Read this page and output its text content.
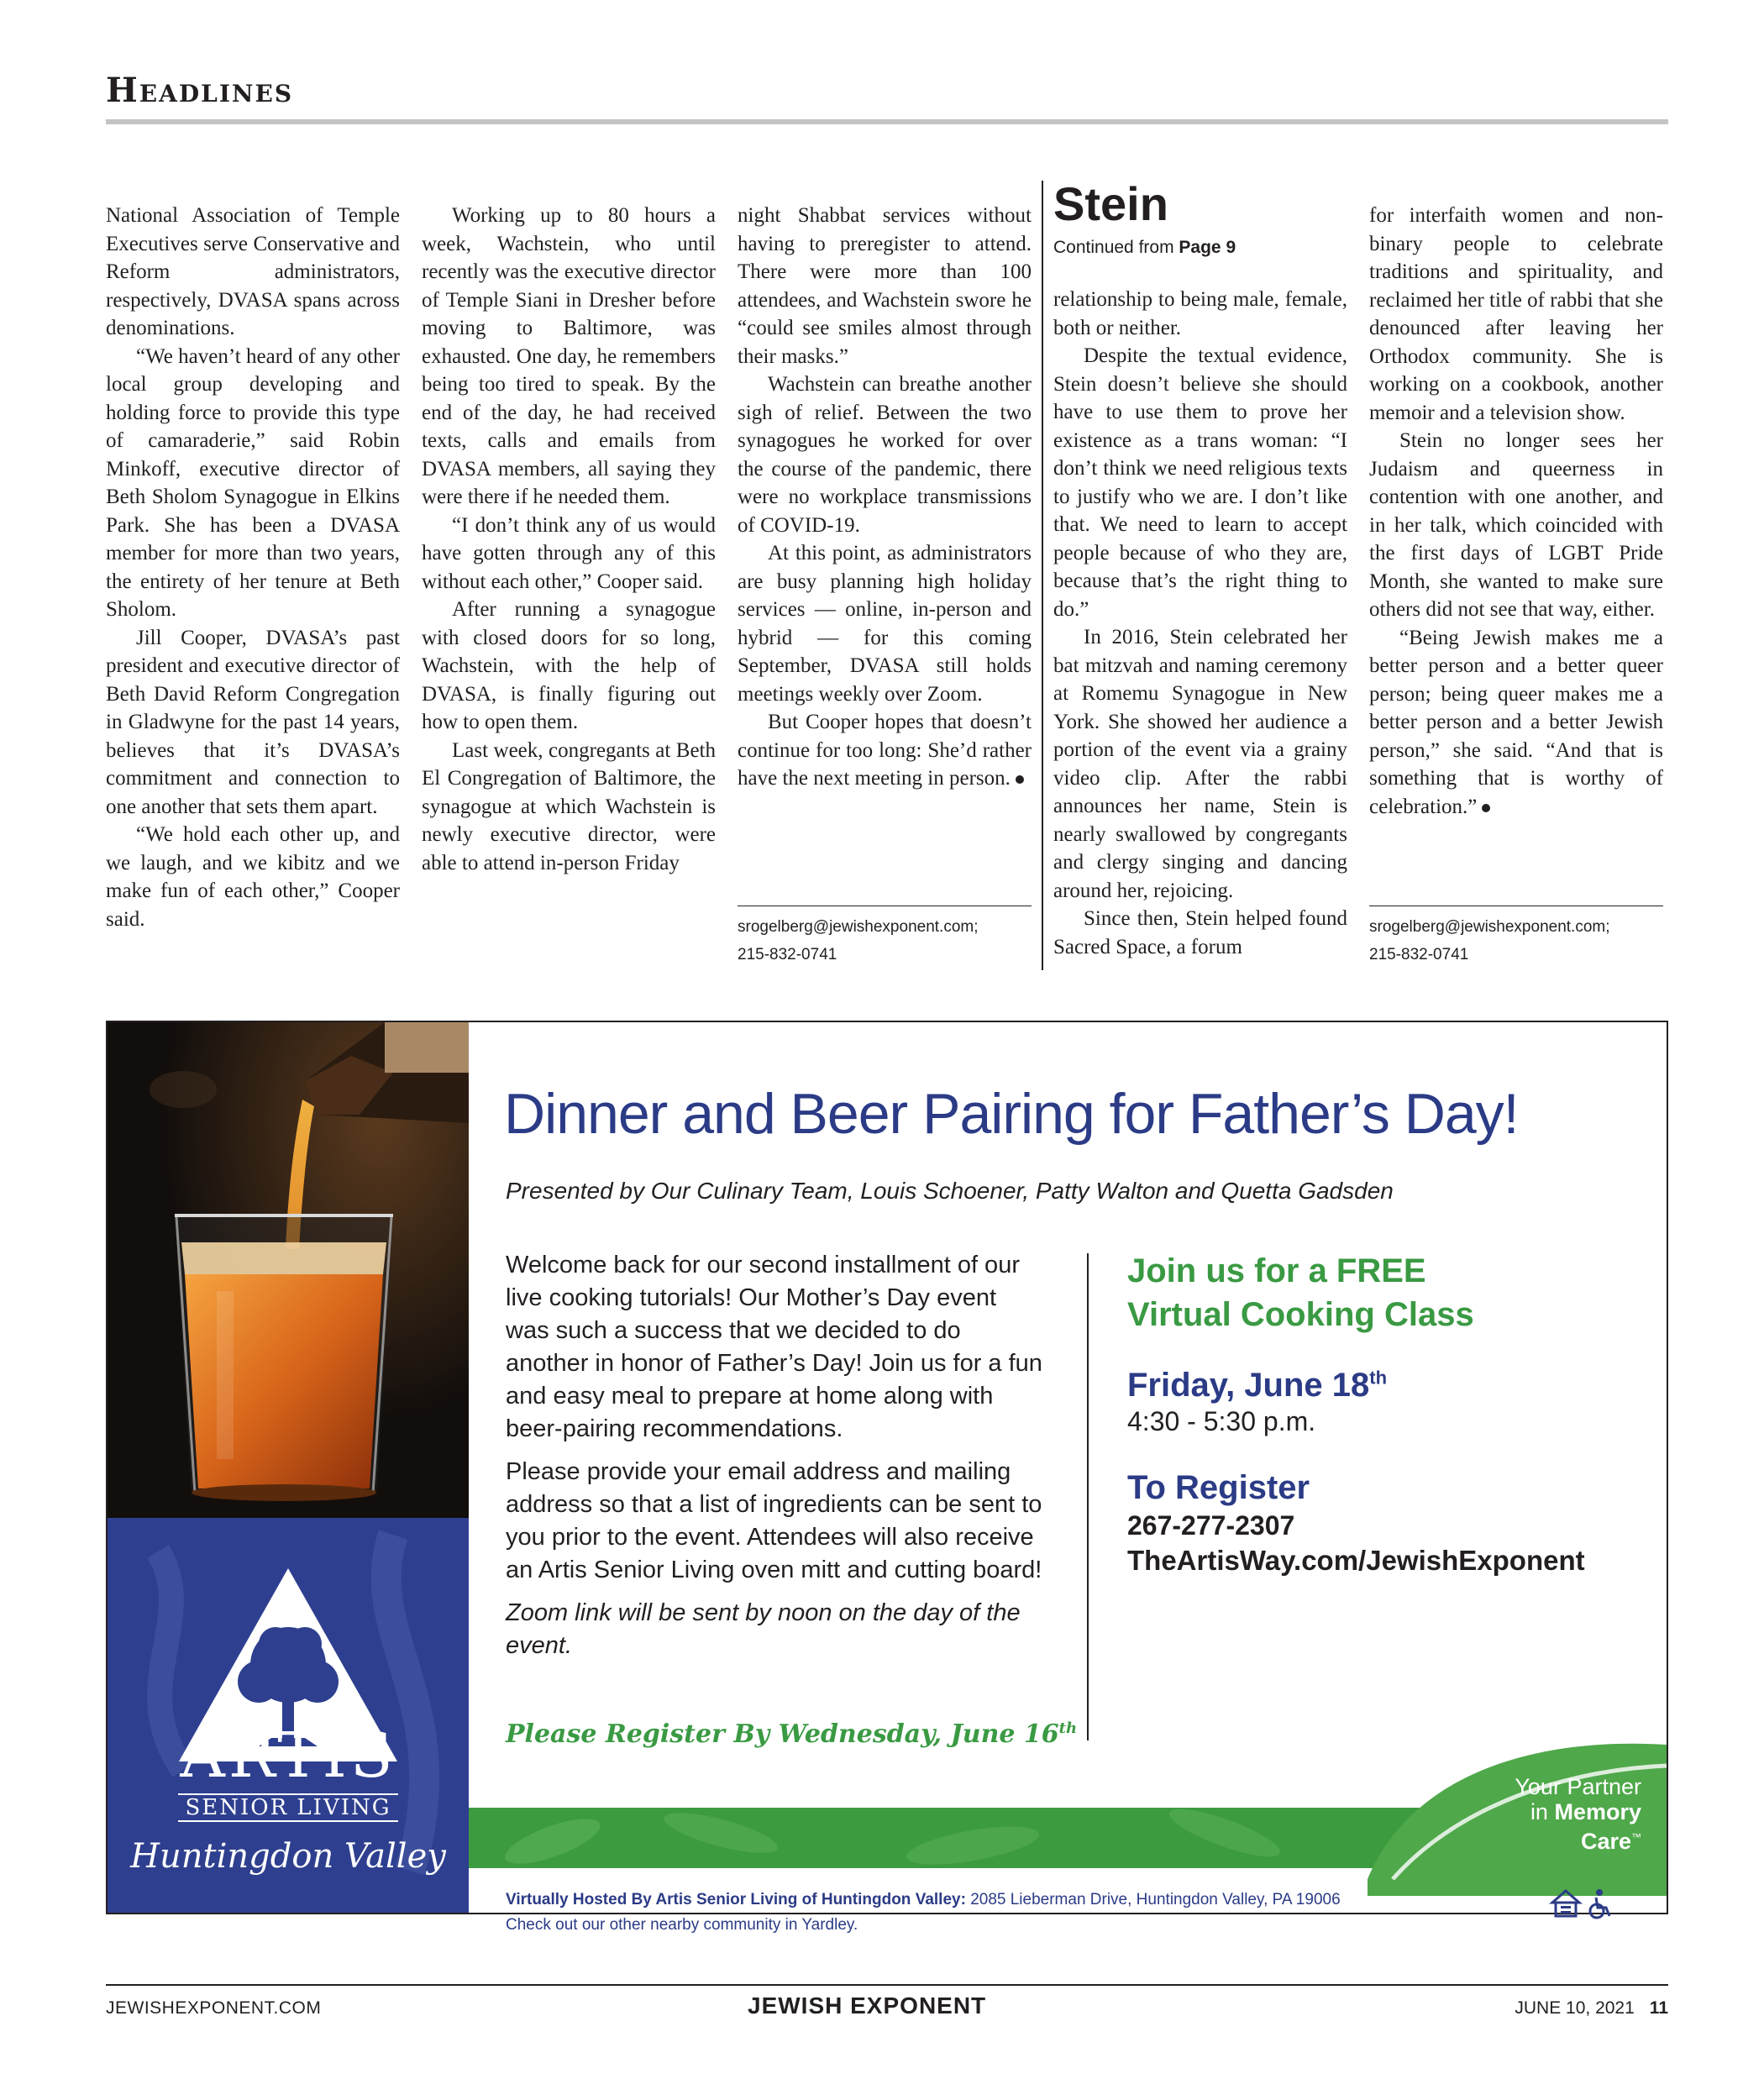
Headlines

National Association of Temple Executives serve Conservative and Reform administrators, respectively, DVASA spans across denominations.

“We haven’t heard of any other local group developing and holding force to provide this type of camaraderie,” said Robin Minkoff, executive director of Beth Sholom Synagogue in Elkins Park. She has been a DVASA member for more than two years, the entirety of her tenure at Beth Sholom.

Jill Cooper, DVASA’s past president and executive director of Beth David Reform Congregation in Gladwyne for the past 14 years, believes that it’s DVASA’s commitment and connection to one another that sets them apart.

“We hold each other up, and we laugh, and we kibitz and we make fun of each other,” Cooper said.

Working up to 80 hours a week, Wachstein, who until recently was the executive director of Temple Siani in Dresher before moving to Baltimore, was exhausted. One day, he remembers being too tired to speak. By the end of the day, he had received texts, calls and emails from DVASA members, all saying they were there if he needed them.

“I don’t think any of us would have gotten through any of this without each other,” Cooper said.

After running a synagogue with closed doors for so long, Wachstein, with the help of DVASA, is finally figuring out how to open them.

Last week, congregants at Beth El Congregation of Baltimore, the synagogue at which Wachstein is newly executive director, were able to attend in-person Friday

night Shabbat services without having to preregister to attend. There were more than 100 attendees, and Wachstein swore he “could see smiles almost through their masks.”

Wachstein can breathe another sigh of relief. Between the two synagogues he worked for over the course of the pandemic, there were no workplace transmissions of COVID-19.

At this point, as administrators are busy planning high holiday services — online, in-person and hybrid — for this coming September, DVASA still holds meetings weekly over Zoom.

But Cooper hopes that doesn’t continue for too long: She’d rather have the next meeting in person.

srogelberg@jewishexponent.com;
215-832-0741
Stein
Continued from Page 9

relationship to being male, female, both or neither.

Despite the textual evidence, Stein doesn’t believe she should have to use them to prove her existence as a trans woman: “I don’t think we need religious texts to justify who we are. I don’t like that. We need to learn to accept people because of who they are, because that’s the right thing to do.”

In 2016, Stein celebrated her bat mitzvah and naming ceremony at Romemu Synagogue in New York. She showed her audience a portion of the event via a grainy video clip. After the rabbi announces her name, Stein is nearly swallowed by congregants and clergy singing and dancing around her, rejoicing.

Since then, Stein helped found Sacred Space, a forum

for interfaith women and non-binary people to celebrate traditions and spirituality, and reclaimed her title of rabbi that she denounced after leaving her Orthodox community. She is working on a cookbook, another memoir and a television show.

Stein no longer sees her Judaism and queerness in contention with one another, and in her talk, which coincided with the first days of LGBT Pride Month, she wanted to make sure others did not see that way, either.

“Being Jewish makes me a better person and a better queer person; being queer makes me a better person and a better Jewish person,” she said. “And that is something that is worthy of celebration.”

srogelberg@jewishexponent.com;
215-832-0741
ARTIS
SENIOR LIVING
Huntingdon Valley
Dinner and Beer Pairing for Father’s Day!
Presented by Our Culinary Team, Louis Schoener, Patty Walton and Quetta Gadsden

Welcome back for our second installment of our live cooking tutorials! Our Mother’s Day event was such a success that we decided to do another in honor of Father’s Day! Join us for a fun and easy meal to prepare at home along with beer-pairing recommendations.

Please provide your email address and mailing address so that a list of ingredients can be sent to you prior to the event. Attendees will also receive an Artis Senior Living oven mitt and cutting board!

Zoom link will be sent by noon on the day of the event.

Please Register By Wednesday, June 16th
Join us for a FREE
Virtual Cooking Class
Friday, June 18th
4:30 - 5:30 p.m.
To Register
267-277-2307
TheArtisWay.com/JewishExponent
Your Partner
in Memory
Care™
Virtually Hosted By Artis Senior Living of Huntingdon Valley: 2085 Lieberman Drive, Huntingdon Valley, PA 19006
Check out our other nearby community in Yardley.
JEWISHEXPONENT.COM	JEWISH EXPONENT	JUNE 10, 2021 11
